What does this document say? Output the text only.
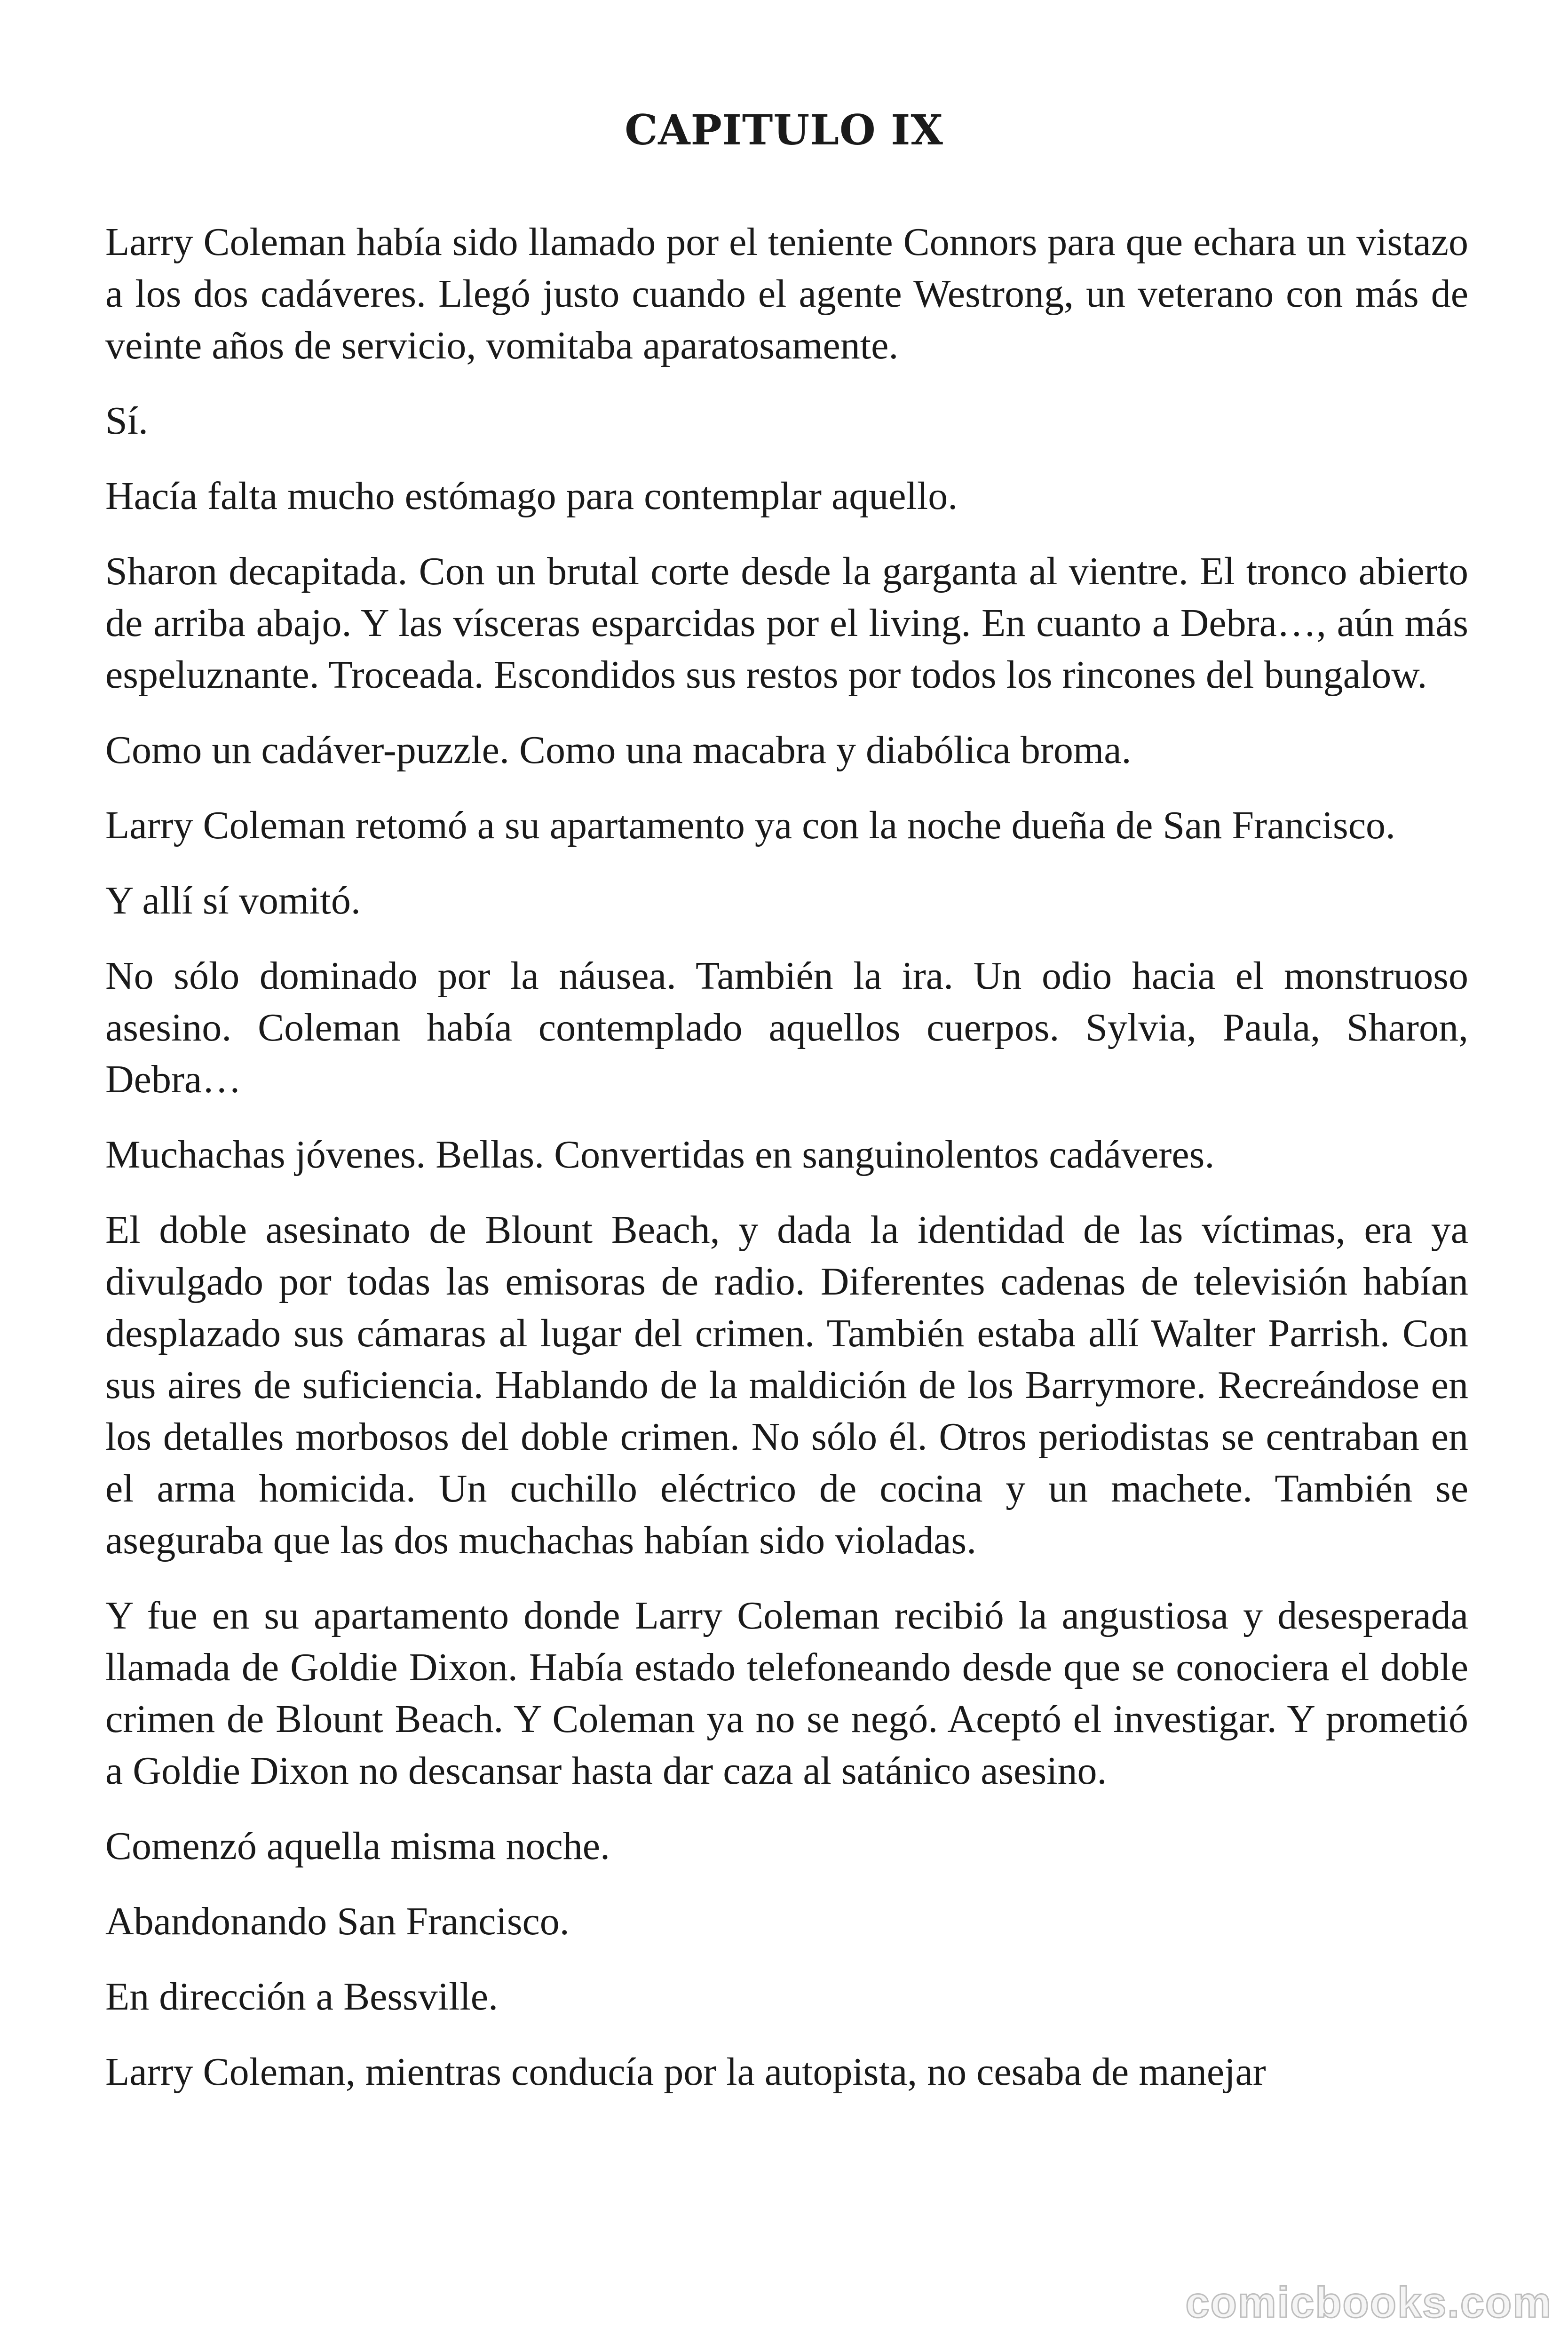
CAPITULO IX

Larry Coleman había sido llamado por el teniente Connors para que echara un vistazo a los dos cadáveres. Llegó justo cuando el agente Westrong, un veterano con más de veinte años de servicio, vomitaba aparatosamente.

Sí.

Hacía falta mucho estómago para contemplar aquello.

Sharon decapitada. Con un brutal corte desde la garganta al vientre. El tronco abierto de arriba abajo. Y las vísceras esparcidas por el living. En cuanto a Debra…, aún más espeluznante. Troceada. Escondidos sus restos por todos los rincones del bungalow.

Como un cadáver-puzzle. Como una macabra y diabólica broma.

Larry Coleman retomó a su apartamento ya con la noche dueña de San Francisco.

Y allí sí vomitó.

No sólo dominado por la náusea. También la ira. Un odio hacia el monstruoso asesino. Coleman había contemplado aquellos cuerpos. Sylvia, Paula, Sharon, Debra…

Muchachas jóvenes. Bellas. Convertidas en sanguinolentos cadáveres.

El doble asesinato de Blount Beach, y dada la identidad de las víctimas, era ya divulgado por todas las emisoras de radio. Diferentes cadenas de televisión habían desplazado sus cámaras al lugar del crimen. También estaba allí Walter Parrish. Con sus aires de suficiencia. Hablando de la maldición de los Barrymore. Recreándose en los detalles morbosos del doble crimen. No sólo él. Otros periodistas se centraban en el arma homicida. Un cuchillo eléctrico de cocina y un machete. También se aseguraba que las dos muchachas habían sido violadas.

Y fue en su apartamento donde Larry Coleman recibió la angustiosa y desesperada llamada de Goldie Dixon. Había estado telefoneando desde que se conociera el doble crimen de Blount Beach. Y Coleman ya no se negó. Aceptó el investigar. Y prometió a Goldie Dixon no descansar hasta dar caza al satánico asesino.

Comenzó aquella misma noche.

Abandonando San Francisco.

En dirección a Bessville.

Larry Coleman, mientras conducía por la autopista, no cesaba de manejar

comicbooks.com
